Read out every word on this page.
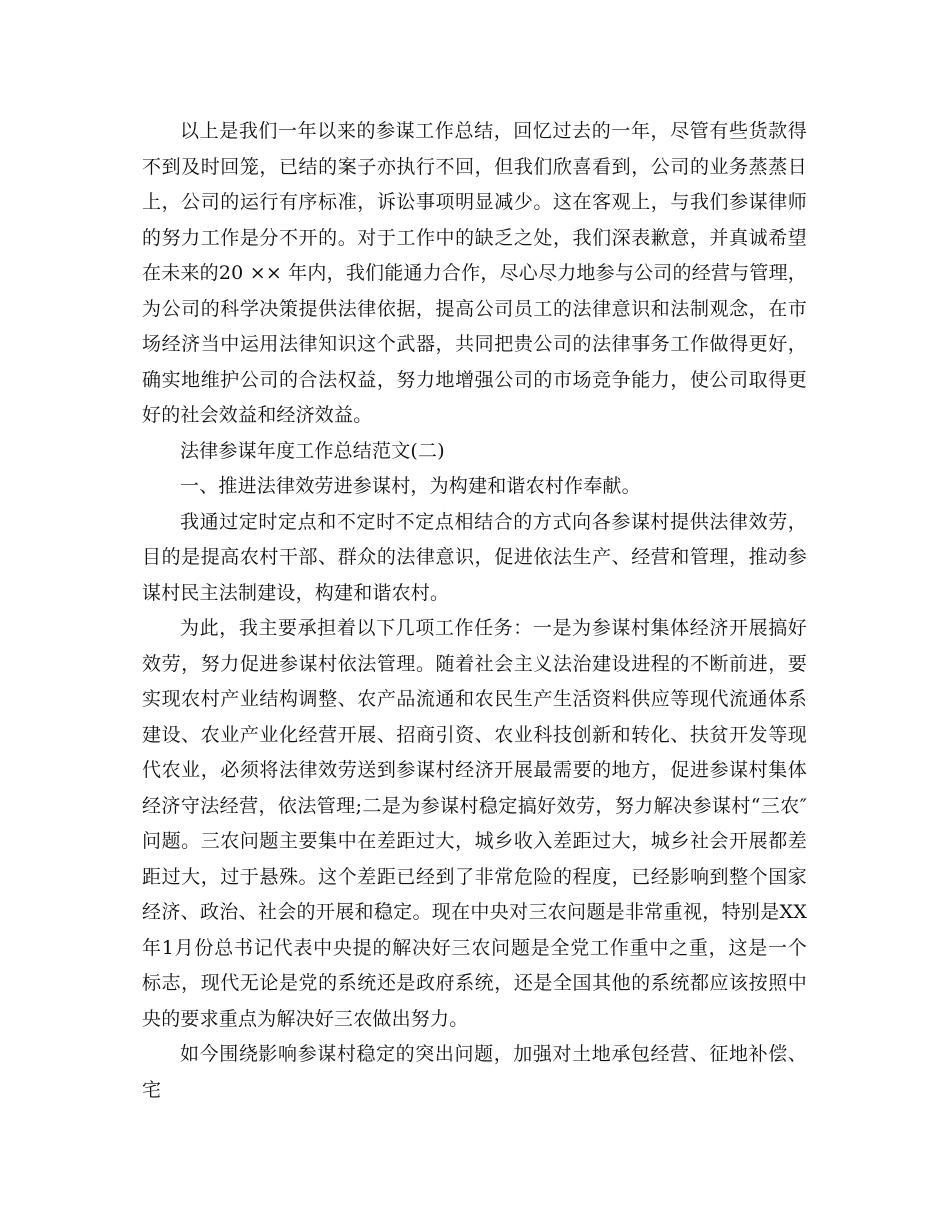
以上是我们一年以来的参谋工作总结，回忆过去的一年，尽管有些货款得不到及时回笼，已结的案子亦执行不回，但我们欣喜看到，公司的业务蒸蒸日上，公司的运行有序标准，诉讼事项明显减少。这在客观上，与我们参谋律师的努力工作是分不开的。对于工作中的缺乏之处，我们深表歉意，并真诚希望在未来的20 ×× 年内，我们能通力合作，尽心尽力地参与公司的经营与管理，为公司的科学决策提供法律依据，提高公司员工的法律意识和法制观念，在市场经济当中运用法律知识这个武器，共同把贵公司的法律事务工作做得更好，确实地维护公司的合法权益，努力地增强公司的市场竞争能力，使公司取得更好的社会效益和经济效益。

法律参谋年度工作总结范文(二)

一、推进法律效劳进参谋村，为构建和谐农村作奉献。

我通过定时定点和不定时不定点相结合的方式向各参谋村提供法律效劳，目的是提高农村干部、群众的法律意识，促进依法生产、经营和管理，推动参谋村民主法制建设，构建和谐农村。

为此，我主要承担着以下几项工作任务：一是为参谋村集体经济开展搞好效劳，努力促进参谋村依法管理。随着社会主义法治建设进程的不断前进，要实现农村产业结构调整、农产品流通和农民生产生活资料供应等现代流通体系建设、农业产业化经营开展、招商引资、农业科技创新和转化、扶贫开发等现代农业，必须将法律效劳送到参谋村经济开展最需要的地方，促进参谋村集体经济守法经营，依法管理;二是为参谋村稳定搞好效劳，努力解决参谋村“三农″ 问题。三农问题主要集中在差距过大，城乡收入差距过大，城乡社会开展都差距过大，过于悬殊。这个差距已经到了非常危险的程度，已经影响到整个国家经济、政治、社会的开展和稳定。现在中央对三农问题是非常重视，特别是XX年1月份总书记代表中央提的解决好三农问题是全党工作重中之重，这是一个标志，现代无论是党的系统还是政府系统，还是全国其他的系统都应该按照中央的要求重点为解决好三农做出努力。

如今围绕影响参谋村稳定的突出问题，加强对土地承包经营、征地补偿、宅
